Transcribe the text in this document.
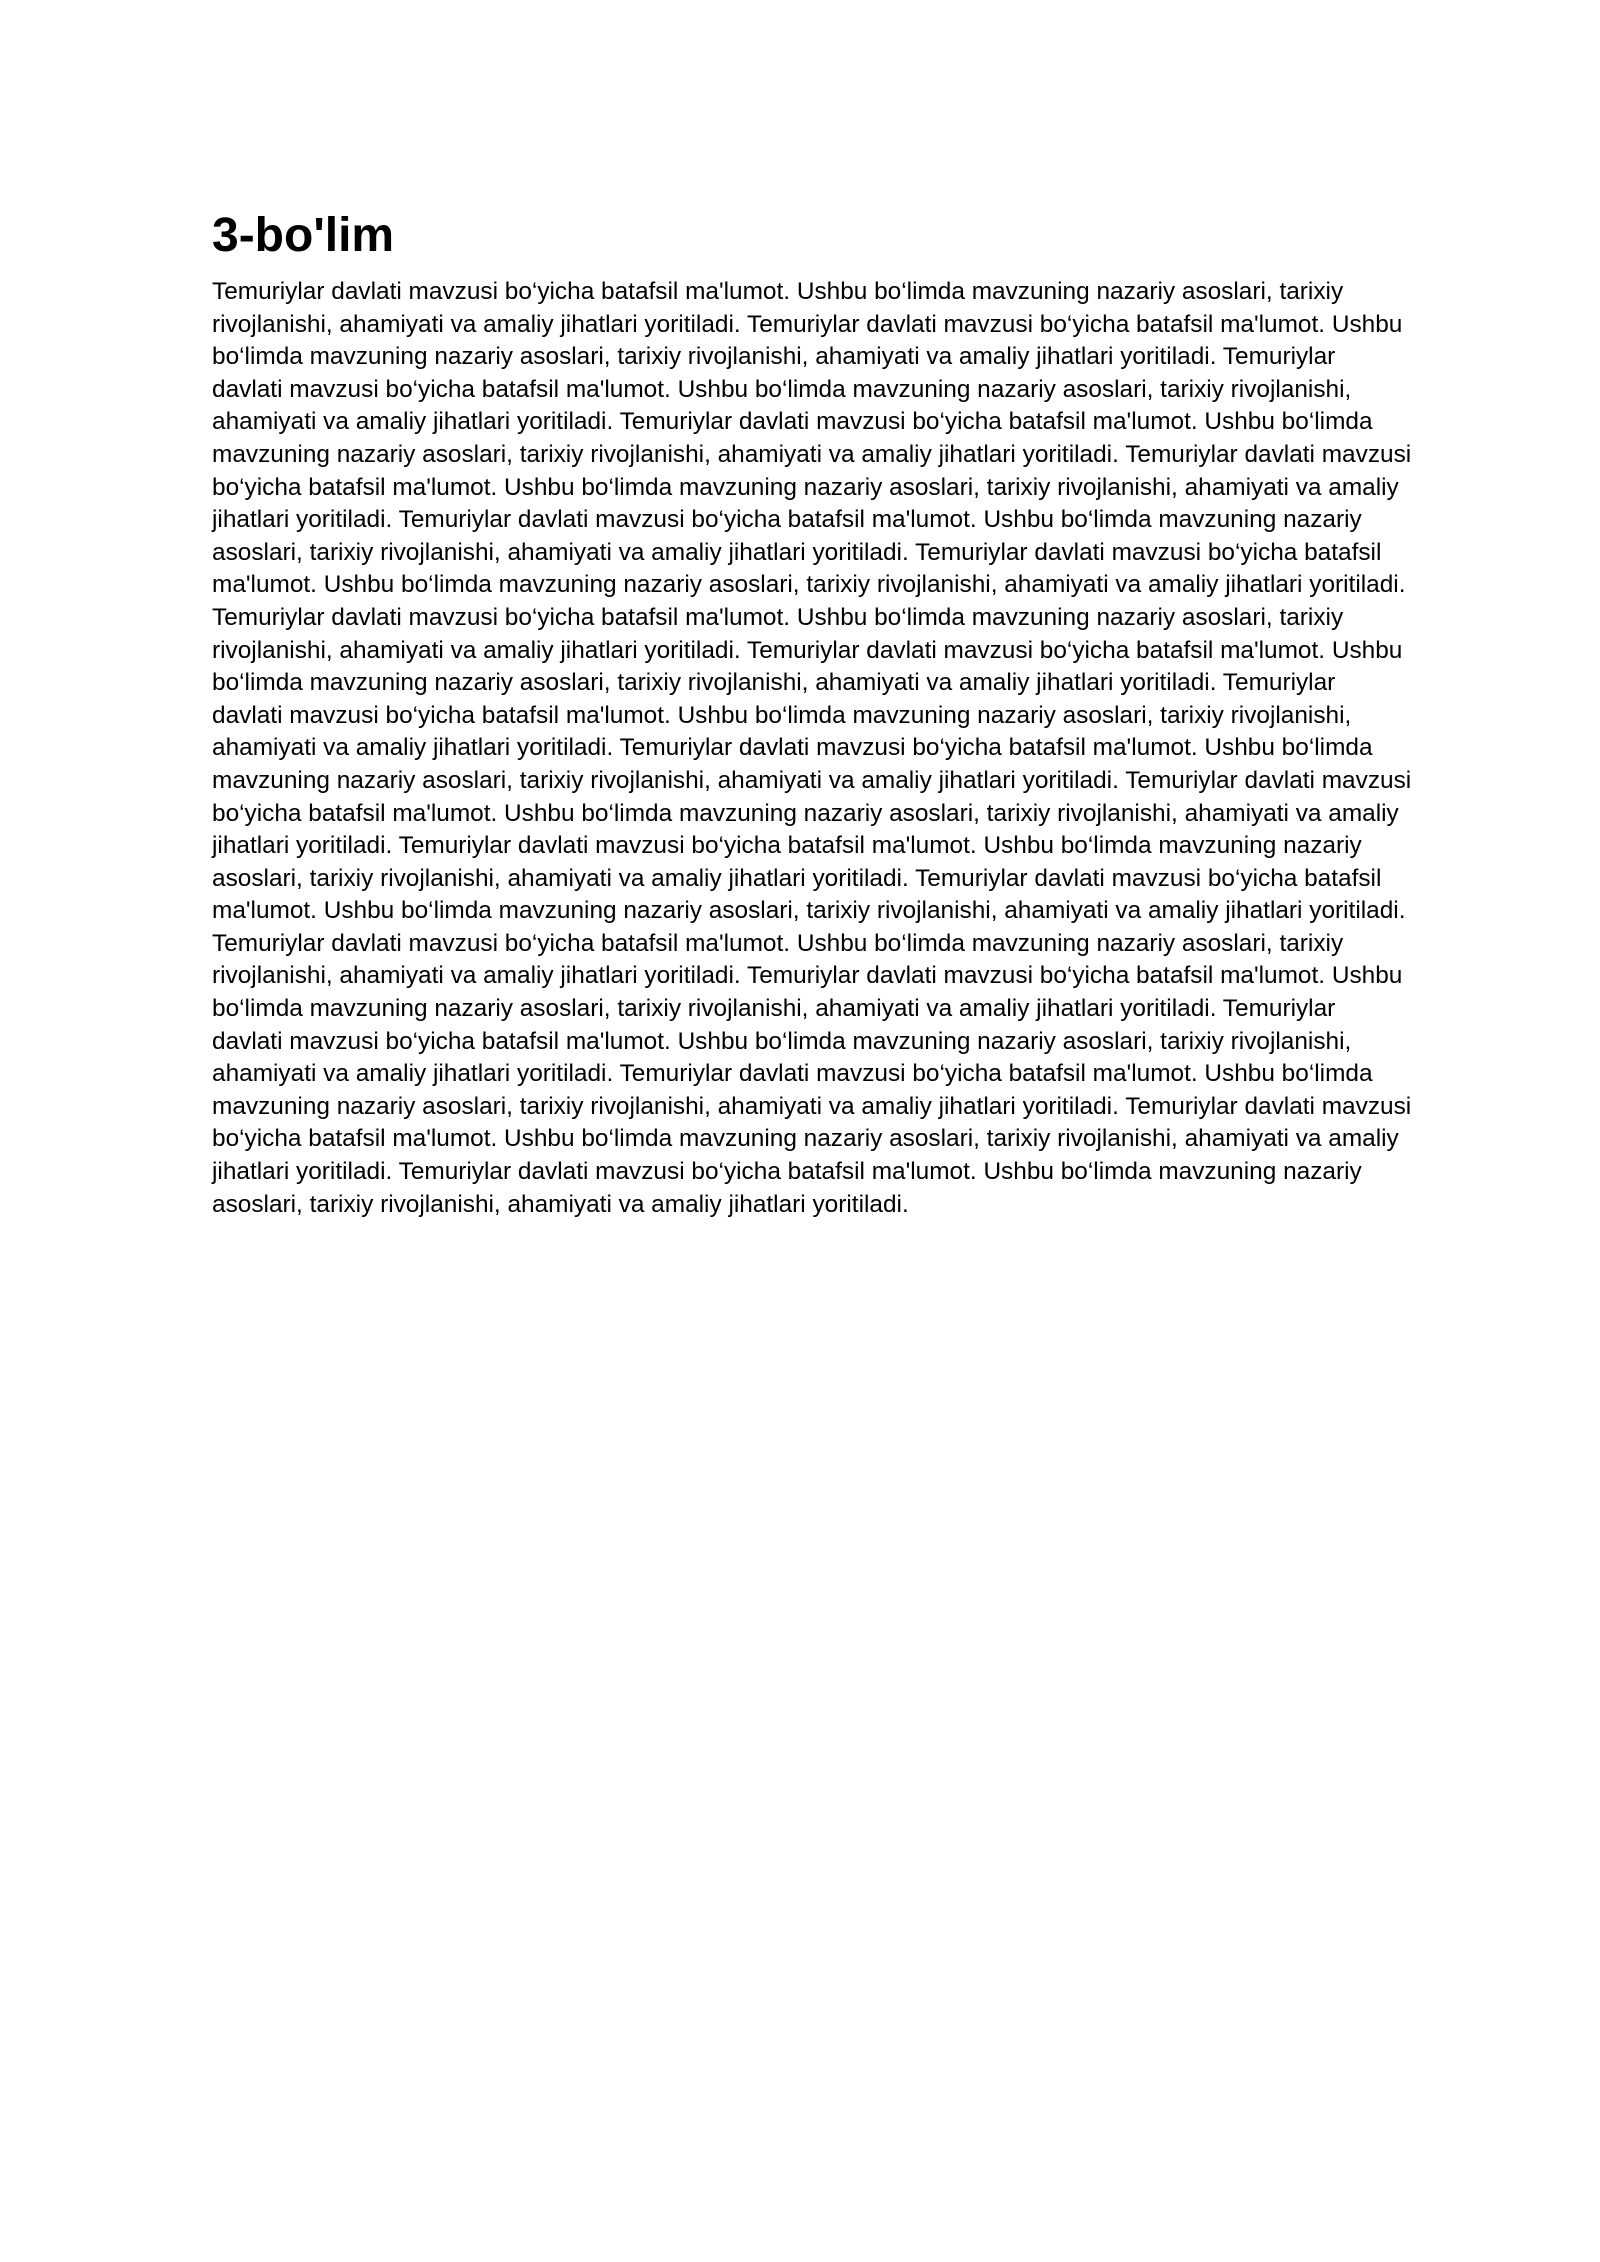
3-bo'lim

Temuriylar davlati mavzusi bo‘yicha batafsil ma'lumot. Ushbu bo‘limda mavzuning nazariy asoslari, tarixiy rivojlanishi, ahamiyati va amaliy jihatlari yoritiladi. Temuriylar davlati mavzusi bo‘yicha batafsil ma'lumot. Ushbu bo‘limda mavzuning nazariy asoslari, tarixiy rivojlanishi, ahamiyati va amaliy jihatlari yoritiladi. Temuriylar davlati mavzusi bo‘yicha batafsil ma'lumot. Ushbu bo‘limda mavzuning nazariy asoslari, tarixiy rivojlanishi, ahamiyati va amaliy jihatlari yoritiladi. Temuriylar davlati mavzusi bo‘yicha batafsil ma'lumot. Ushbu bo‘limda mavzuning nazariy asoslari, tarixiy rivojlanishi, ahamiyati va amaliy jihatlari yoritiladi. Temuriylar davlati mavzusi bo‘yicha batafsil ma'lumot. Ushbu bo‘limda mavzuning nazariy asoslari, tarixiy rivojlanishi, ahamiyati va amaliy jihatlari yoritiladi. Temuriylar davlati mavzusi bo‘yicha batafsil ma'lumot. Ushbu bo‘limda mavzuning nazariy asoslari, tarixiy rivojlanishi, ahamiyati va amaliy jihatlari yoritiladi. Temuriylar davlati mavzusi bo‘yicha batafsil ma'lumot. Ushbu bo‘limda mavzuning nazariy asoslari, tarixiy rivojlanishi, ahamiyati va amaliy jihatlari yoritiladi. Temuriylar davlati mavzusi bo‘yicha batafsil ma'lumot. Ushbu bo‘limda mavzuning nazariy asoslari, tarixiy rivojlanishi, ahamiyati va amaliy jihatlari yoritiladi. Temuriylar davlati mavzusi bo‘yicha batafsil ma'lumot. Ushbu bo‘limda mavzuning nazariy asoslari, tarixiy rivojlanishi, ahamiyati va amaliy jihatlari yoritiladi. Temuriylar davlati mavzusi bo‘yicha batafsil ma'lumot. Ushbu bo‘limda mavzuning nazariy asoslari, tarixiy rivojlanishi, ahamiyati va amaliy jihatlari yoritiladi. Temuriylar davlati mavzusi bo‘yicha batafsil ma'lumot. Ushbu bo‘limda mavzuning nazariy asoslari, tarixiy rivojlanishi, ahamiyati va amaliy jihatlari yoritiladi. Temuriylar davlati mavzusi bo‘yicha batafsil ma'lumot. Ushbu bo‘limda mavzuning nazariy asoslari, tarixiy rivojlanishi, ahamiyati va amaliy jihatlari yoritiladi. Temuriylar davlati mavzusi bo‘yicha batafsil ma'lumot. Ushbu bo‘limda mavzuning nazariy asoslari, tarixiy rivojlanishi, ahamiyati va amaliy jihatlari yoritiladi. Temuriylar davlati mavzusi bo‘yicha batafsil ma'lumot. Ushbu bo‘limda mavzuning nazariy asoslari, tarixiy rivojlanishi, ahamiyati va amaliy jihatlari yoritiladi. Temuriylar davlati mavzusi bo‘yicha batafsil ma'lumot. Ushbu bo‘limda mavzuning nazariy asoslari, tarixiy rivojlanishi, ahamiyati va amaliy jihatlari yoritiladi. Temuriylar davlati mavzusi bo‘yicha batafsil ma'lumot. Ushbu bo‘limda mavzuning nazariy asoslari, tarixiy rivojlanishi, ahamiyati va amaliy jihatlari yoritiladi. Temuriylar davlati mavzusi bo‘yicha batafsil ma'lumot. Ushbu bo‘limda mavzuning nazariy asoslari, tarixiy rivojlanishi, ahamiyati va amaliy jihatlari yoritiladi. Temuriylar davlati mavzusi bo‘yicha batafsil ma'lumot. Ushbu bo‘limda mavzuning nazariy asoslari, tarixiy rivojlanishi, ahamiyati va amaliy jihatlari yoritiladi. Temuriylar davlati mavzusi bo‘yicha batafsil ma'lumot. Ushbu bo‘limda mavzuning nazariy asoslari, tarixiy rivojlanishi, ahamiyati va amaliy jihatlari yoritiladi. Temuriylar davlati mavzusi bo‘yicha batafsil ma'lumot. Ushbu bo‘limda mavzuning nazariy asoslari, tarixiy rivojlanishi, ahamiyati va amaliy jihatlari yoritiladi.
